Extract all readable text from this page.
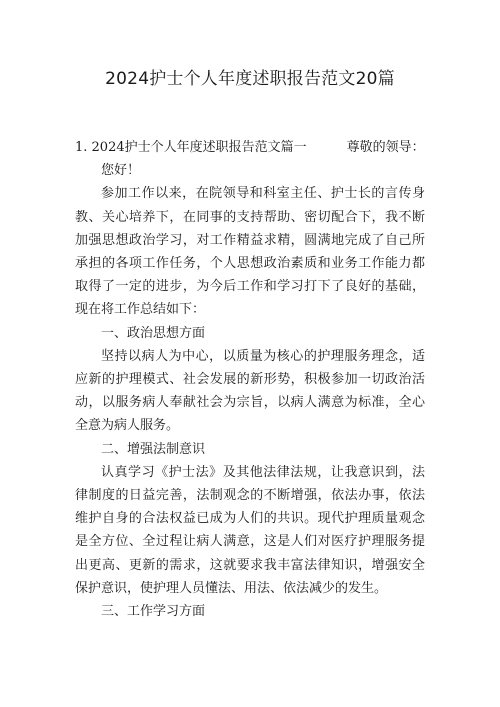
2024护士个人年度述职报告范文20篇

1. 2024护士个人年度述职报告范文篇一	尊敬的领导：

您好！

参加工作以来，在院领导和科室主任、护士长的言传身教、关心培养下，在同事的支持帮助、密切配合下，我不断加强思想政治学习，对工作精益求精，圆满地完成了自己所承担的各项工作任务，个人思想政治素质和业务工作能力都取得了一定的进步，为今后工作和学习打下了良好的基础，现在将工作总结如下：

一、政治思想方面

坚持以病人为中心，以质量为核心的护理服务理念，适应新的护理模式、社会发展的新形势，积极参加一切政治活动，以服务病人奉献社会为宗旨，以病人满意为标准，全心全意为病人服务。

二、增强法制意识

认真学习《护士法》及其他法律法规，让我意识到，法律制度的日益完善，法制观念的不断增强，依法办事，依法维护自身的合法权益已成为人们的共识。现代护理质量观念是全方位、全过程让病人满意，这是人们对医疗护理服务提出更高、更新的需求，这就要求我丰富法律知识，增强安全保护意识，使护理人员懂法、用法、依法减少的发生。

三、工作学习方面
